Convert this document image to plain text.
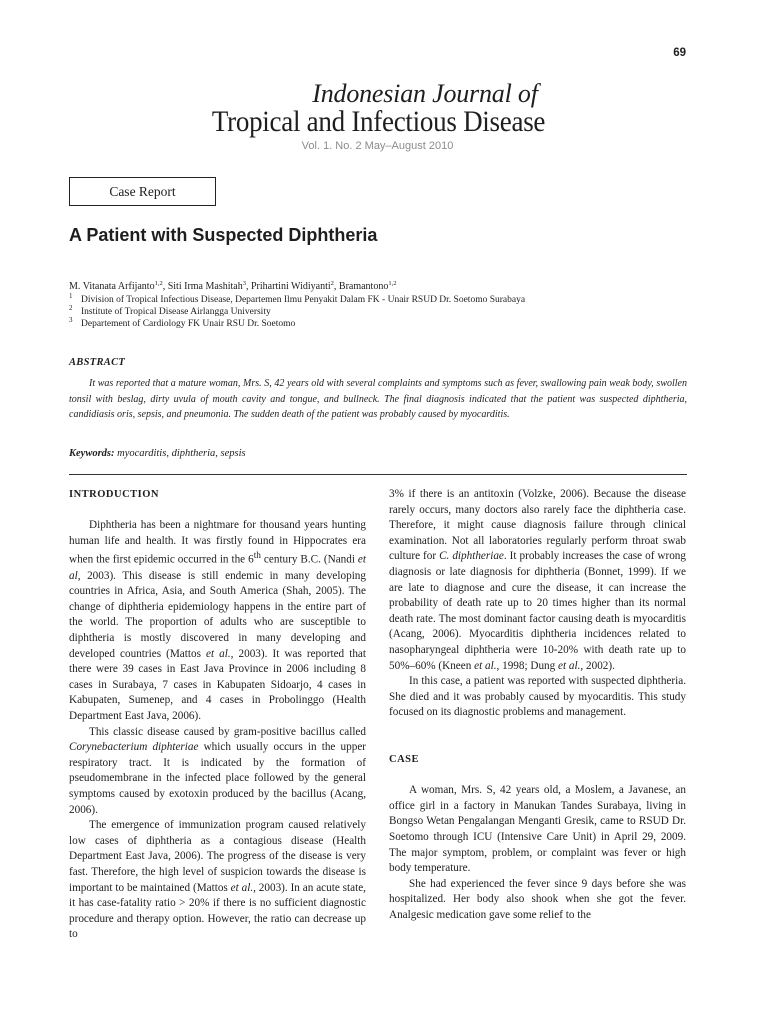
69
Indonesian Journal of
Tropical and Infectious Disease
Vol. 1. No. 2 May–August 2010
Case Report
A Patient with Suspected Diphtheria
M. Vitanata Arfijanto$^{1,2}$, Siti Irma Mashitah$^3$, Prihartini Widiyanti$^2$, Bramantono$^{1,2}$
1 Division of Tropical Infectious Disease, Departemen Ilmu Penyakit Dalam FK - Unair RSUD Dr. Soetomo Surabaya
2 Institute of Tropical Disease Airlangga University
3 Departement of Cardiology FK Unair RSU Dr. Soetomo
ABSTRACT
It was reported that a mature woman, Mrs. S, 42 years old with several complaints and symptoms such as fever, swallowing pain weak body, swollen tonsil with beslag, dirty uvula of mouth cavity and tongue, and bullneck. The final diagnosis indicated that the patient was suspected diphtheria, candidiasis oris, sepsis, and pneumonia. The sudden death of the patient was probably caused by myocarditis.
Keywords: myocarditis, diphtheria, sepsis
INTRODUCTION

Diphtheria has been a nightmare for thousand years hunting human life and health. It was firstly found in Hippocrates era when the first epidemic occurred in the 6th century B.C. (Nandi et al, 2003). This disease is still endemic in many developing countries in Africa, Asia, and South America (Shah, 2005). The change of diphtheria epidemiology happens in the entire part of the world. The proportion of adults who are susceptible to diphtheria is mostly discovered in many developing and developed countries (Mattos et al., 2003). It was reported that there were 39 cases in East Java Province in 2006 including 8 cases in Surabaya, 7 cases in Kabupaten Sidoarjo, 4 cases in Kabupaten, Sumenep, and 4 cases in Probolinggo (Health Department East Java, 2006).

This classic disease caused by gram-positive bacillus called Corynebacterium diphteriae which usually occurs in the upper respiratory tract. It is indicated by the formation of pseudomembrane in the infected place followed by the general symptoms caused by exotoxin produced by the bacillus (Acang, 2006).

The emergence of immunization program caused relatively low cases of diphtheria as a contagious disease (Health Department East Java, 2006). The progress of the disease is very fast. Therefore, the high level of suspicion towards the disease is important to be maintained (Mattos et al., 2003). In an acute state, it has case-fatality ratio > 20% if there is no sufficient diagnostic procedure and therapy option. However, the ratio can decrease up to

3% if there is an antitoxin (Volzke, 2006). Because the disease rarely occurs, many doctors also rarely face the diphtheria case. Therefore, it might cause diagnosis failure through clinical examination. Not all laboratories regularly perform throat swab culture for C. diphtheriae. It probably increases the case of wrong diagnosis or late diagnosis for diphtheria (Bonnet, 1999). If we are late to diagnose and cure the disease, it can increase the probability of death rate up to 20 times higher than its normal death rate. The most dominant factor causing death is myocarditis (Acang, 2006). Myocarditis diphtheria incidences related to nasopharyngeal diphtheria were 10-20% with death rate up to 50%–60% (Kneen et al., 1998; Dung et al., 2002).

In this case, a patient was reported with suspected diphtheria. She died and it was probably caused by myocarditis. This study focused on its diagnostic problems and management.

CASE

A woman, Mrs. S, 42 years old, a Moslem, a Javanese, an office girl in a factory in Manukan Tandes Surabaya, living in Bongso Wetan Pengalangan Menganti Gresik, came to RSUD Dr. Soetomo through ICU (Intensive Care Unit) in April 29, 2009. The major symptom, problem, or complaint was fever or high body temperature.

She had experienced the fever since 9 days before she was hospitalized. Her body also shook when she got the fever. Analgesic medication gave some relief to the
